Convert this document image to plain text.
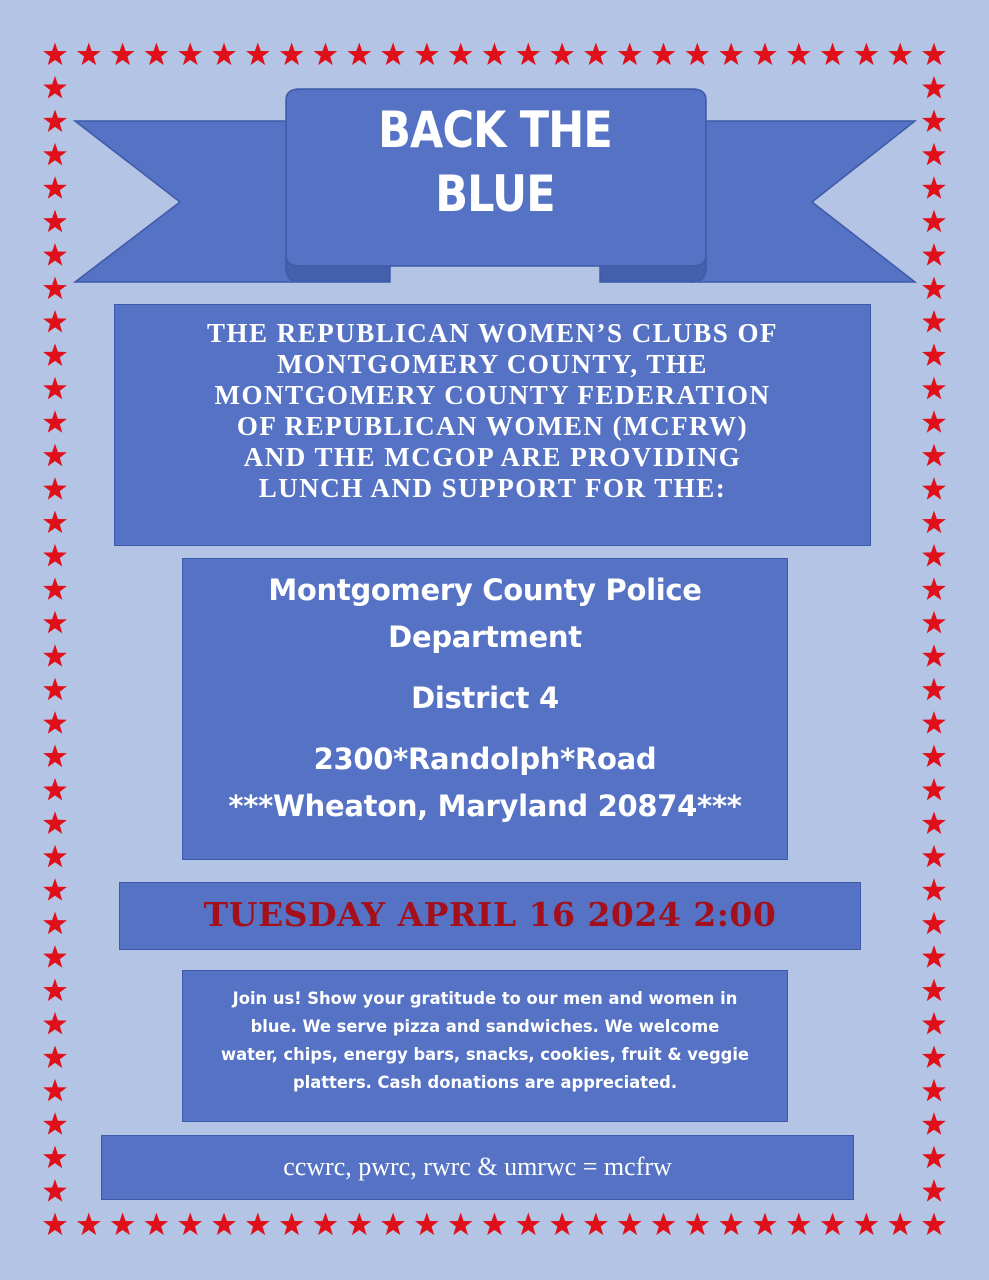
BACK THE
BLUE
THE REPUBLICAN WOMEN’S CLUBS OF
MONTGOMERY COUNTY, THE
MONTGOMERY COUNTY FEDERATION
OF REPUBLICAN WOMEN (MCFRW)
AND THE MCGOP ARE PROVIDING
LUNCH AND SUPPORT FOR THE:
Montgomery County Police
Department
District 4
2300*Randolph*Road
***Wheaton, Maryland 20874***
TUESDAY APRIL 16 2024 2:00
Join us! Show your gratitude to our men and women in
blue. We serve pizza and sandwiches. We welcome
water, chips, energy bars, snacks, cookies, fruit & veggie
platters. Cash donations are appreciated.
ccwrc, pwrc, rwrc & umrwc = mcfrw
